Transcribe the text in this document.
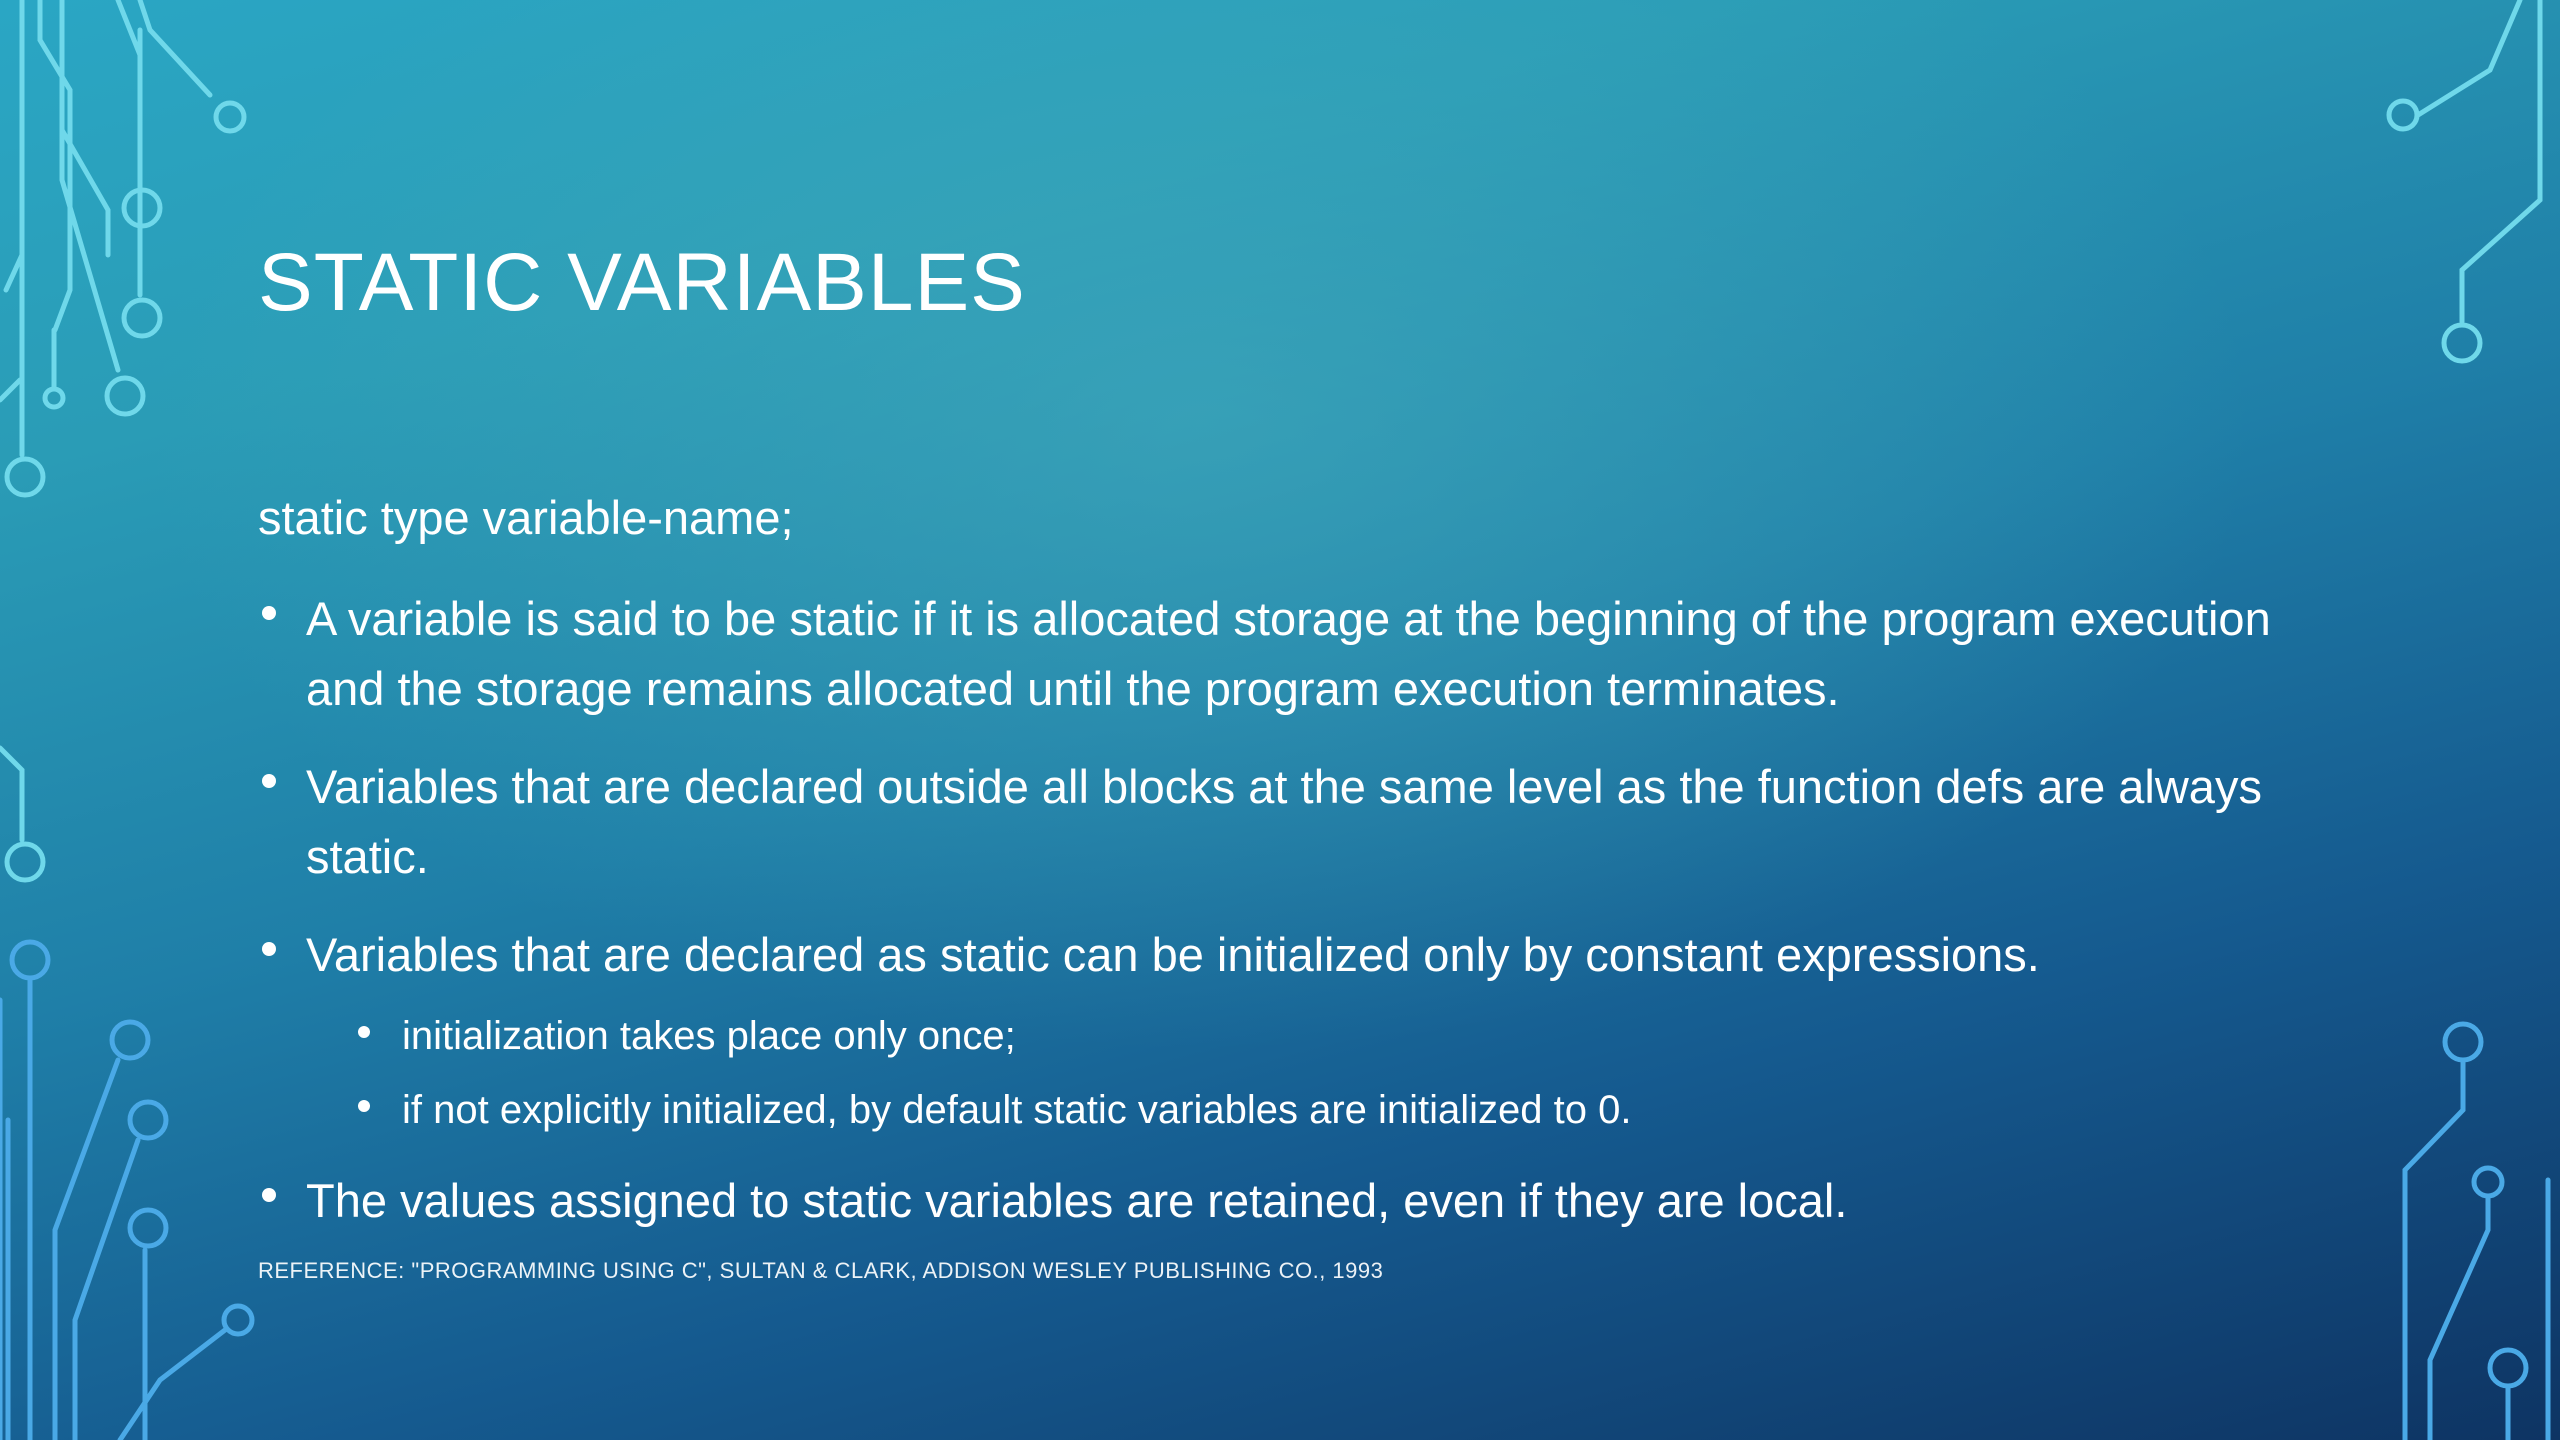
STATIC VARIABLES
static type variable-name;
A variable is said to be static if it is allocated storage at the beginning of the program execution and the storage remains allocated until the program execution terminates.
Variables that are declared outside all blocks at the same level as the function defs are always static.
Variables that are declared as static can be initialized only by constant expressions.
initialization takes place only once;
if not explicitly initialized, by default static variables are initialized to 0.
The values assigned to static variables are retained, even if they are local.
REFERENCE: "PROGRAMMING USING C", SULTAN & CLARK, ADDISON WESLEY PUBLISHING CO., 1993
